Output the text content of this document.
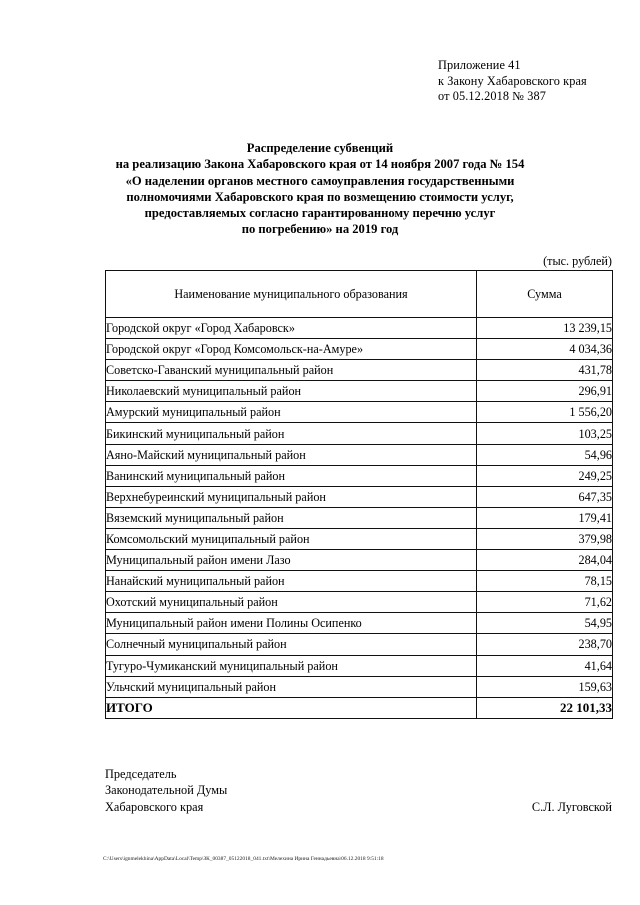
Приложение 41
к Закону Хабаровского края
от 05.12.2018 № 387
Распределение субвенций
на реализацию Закона Хабаровского края от 14 ноября 2007 года № 154
«О наделении органов местного самоуправления государственными
полномочиями Хабаровского края по возмещению стоимости услуг,
предоставляемых согласно гарантированному перечню услуг
по погребению» на 2019 год
(тыс. рублей)
Наименование муниципального образования	Сумма
Городской округ «Город Хабаровск»	13 239,15
Городской округ «Город Комсомольск-на-Амуре»	4 034,36
Советско-Гаванский муниципальный район	431,78
Николаевский муниципальный район	296,91
Амурский муниципальный район	1 556,20
Бикинский муниципальный район	103,25
Аяно-Майский муниципальный район	54,96
Ванинский муниципальный район	249,25
Верхнебуреинский муниципальный район	647,35
Вяземский муниципальный район	179,41
Комсомольский муниципальный район	379,98
Муниципальный район имени Лазо	284,04
Нанайский муниципальный район	78,15
Охотский муниципальный район	71,62
Муниципальный район имени Полины Осипенко	54,95
Солнечный муниципальный район	238,70
Тугуро-Чумиканский муниципальный район	41,64
Ульчский муниципальный район	159,63
ИТОГО	22 101,33
Председатель
Законодательной Думы
Хабаровского края	С.Л. Луговской
C:\Users\ignmelekhina\AppData\Local\Temp\ЗК_00387_05122018_041.txt\Мелехина Ирина Геннадьевна\06.12.2018 9:51:18
